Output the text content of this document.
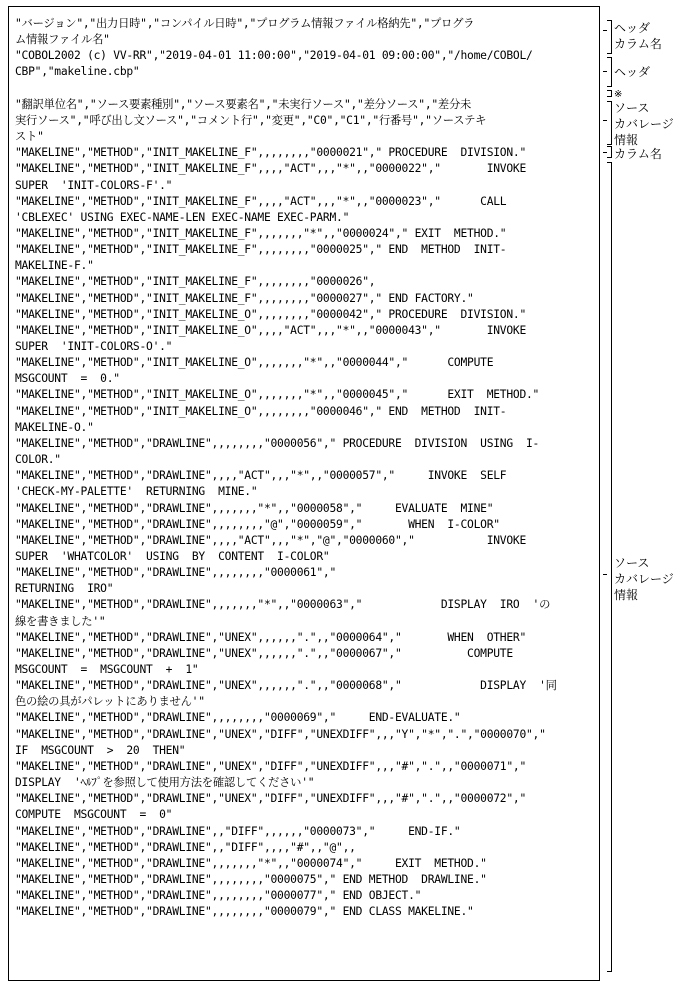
ヘッダ
カラム名
ヘッダ
※
ソース
カバレージ
情報
カラム名
ソース
カバレージ
情報
"バージョン","出力日時","コンパイル日時","プログラム情報ファイル格納先","プログラ
ム情報ファイル名"
"COBOL2002 (c) VV-RR","2019-04-01 11:00:00","2019-04-01 09:00:00","/home/COBOL/
CBP","makeline.cbp"
"翻訳単位名","ソース要素種別","ソース要素名","未実行ソース","差分ソース","差分未
実行ソース","呼び出し文ソース","コメント行","変更","C0","C1","行番号","ソーステキ
スト"
"MAKELINE","METHOD","INIT_MAKELINE_F",,,,,,,,"0000021"," PROCEDURE  DIVISION."
"MAKELINE","METHOD","INIT_MAKELINE_F",,,,"ACT",,,"*",,"0000022","       INVOKE
SUPER  'INIT-COLORS-F'."
"MAKELINE","METHOD","INIT_MAKELINE_F",,,,"ACT",,,"*",,"0000023","      CALL
'CBLEXEC' USING EXEC-NAME-LEN EXEC-NAME EXEC-PARM."
"MAKELINE","METHOD","INIT_MAKELINE_F",,,,,,,"*",,"0000024"," EXIT  METHOD."
"MAKELINE","METHOD","INIT_MAKELINE_F",,,,,,,,"0000025"," END  METHOD  INIT-
MAKELINE-F."
"MAKELINE","METHOD","INIT_MAKELINE_F",,,,,,,,"0000026",
"MAKELINE","METHOD","INIT_MAKELINE_F",,,,,,,,"0000027"," END FACTORY."
"MAKELINE","METHOD","INIT_MAKELINE_O",,,,,,,,"0000042"," PROCEDURE  DIVISION."
"MAKELINE","METHOD","INIT_MAKELINE_O",,,,"ACT",,,"*",,"0000043","       INVOKE
SUPER  'INIT-COLORS-O'."
"MAKELINE","METHOD","INIT_MAKELINE_O",,,,,,,"*",,"0000044","      COMPUTE
MSGCOUNT  =  0."
"MAKELINE","METHOD","INIT_MAKELINE_O",,,,,,,"*",,"0000045","      EXIT  METHOD."
"MAKELINE","METHOD","INIT_MAKELINE_O",,,,,,,,"0000046"," END  METHOD  INIT-
MAKELINE-O."
"MAKELINE","METHOD","DRAWLINE",,,,,,,,"0000056"," PROCEDURE  DIVISION  USING  I-
COLOR."
"MAKELINE","METHOD","DRAWLINE",,,,"ACT",,,"*",,"0000057","     INVOKE  SELF
'CHECK-MY-PALETTE'  RETURNING  MINE."
"MAKELINE","METHOD","DRAWLINE",,,,,,,"*",,"0000058","     EVALUATE  MINE"
"MAKELINE","METHOD","DRAWLINE",,,,,,,,"@","0000059","       WHEN  I-COLOR"
"MAKELINE","METHOD","DRAWLINE",,,,"ACT",,,"*","@","0000060","           INVOKE
SUPER  'WHATCOLOR'  USING  BY  CONTENT  I-COLOR"
"MAKELINE","METHOD","DRAWLINE",,,,,,,,"0000061","
RETURNING  IRO"
"MAKELINE","METHOD","DRAWLINE",,,,,,,"*",,"0000063","            DISPLAY  IRO  'の
線を書きました'"
"MAKELINE","METHOD","DRAWLINE","UNEX",,,,,,".",,"0000064","       WHEN  OTHER"
"MAKELINE","METHOD","DRAWLINE","UNEX",,,,,,".",,"0000067","          COMPUTE
MSGCOUNT  =  MSGCOUNT  +  1"
"MAKELINE","METHOD","DRAWLINE","UNEX",,,,,,".",,"0000068","            DISPLAY  '同
色の絵の具がパレットにありません'"
"MAKELINE","METHOD","DRAWLINE",,,,,,,,"0000069","     END-EVALUATE."
"MAKELINE","METHOD","DRAWLINE","UNEX","DIFF","UNEXDIFF",,,"Y","*",".","0000070","
IF  MSGCOUNT  >  20  THEN"
"MAKELINE","METHOD","DRAWLINE","UNEX","DIFF","UNEXDIFF",,,"#",".",,"0000071","
DISPLAY  'ﾍﾙﾌﾟを参照して使用方法を確認してください'"
"MAKELINE","METHOD","DRAWLINE","UNEX","DIFF","UNEXDIFF",,,"#",".",,"0000072","
COMPUTE  MSGCOUNT  =  0"
"MAKELINE","METHOD","DRAWLINE",,"DIFF",,,,,,"0000073","     END-IF."
"MAKELINE","METHOD","DRAWLINE",,"DIFF",,,,"#",,"@",,
"MAKELINE","METHOD","DRAWLINE",,,,,,,"*",,"0000074","     EXIT  METHOD."
"MAKELINE","METHOD","DRAWLINE",,,,,,,,"0000075"," END METHOD  DRAWLINE."
"MAKELINE","METHOD","DRAWLINE",,,,,,,,"0000077"," END OBJECT."
"MAKELINE","METHOD","DRAWLINE",,,,,,,,"0000079"," END CLASS MAKELINE."
